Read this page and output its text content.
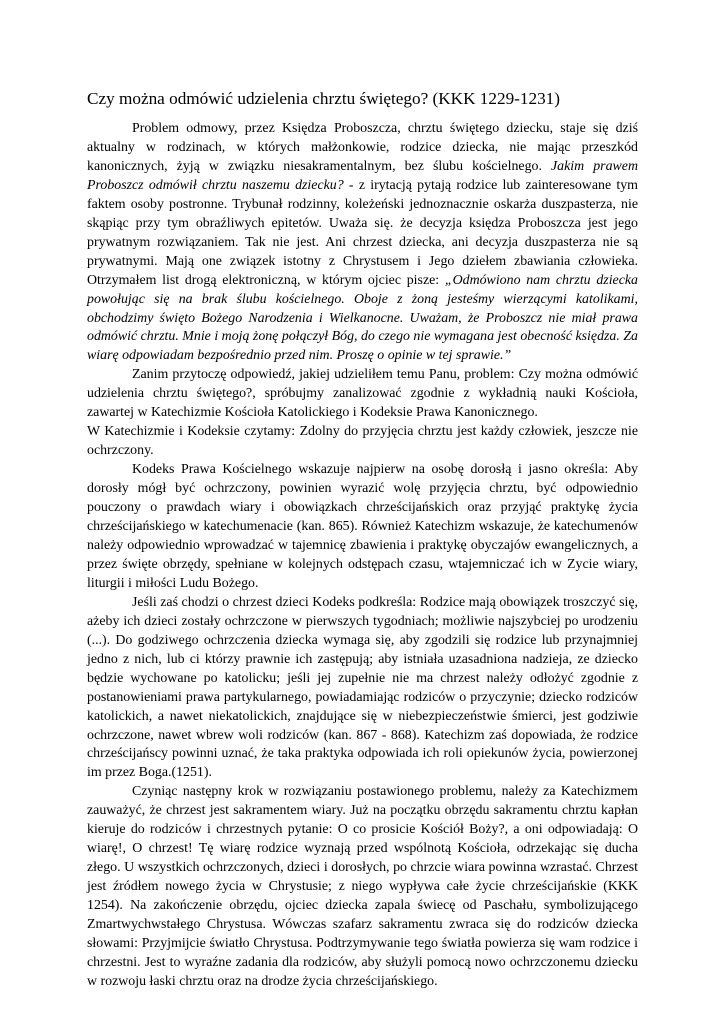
Czy można odmówić udzielenia chrztu świętego? (KKK 1229-1231)

Problem odmowy, przez Księdza Proboszcza, chrztu świętego dziecku, staje się dziś aktualny w rodzinach, w których małżonkowie, rodzice dziecka, nie mając przeszkód kanonicznych, żyją w związku niesakramentalnym, bez ślubu kościelnego. Jakim prawem Proboszcz odmówił chrztu naszemu dziecku? - z irytacją pytają rodzice lub zainteresowane tym faktem osoby postronne. Trybunał rodzinny, koleżeński jednoznacznie oskarża duszpasterza, nie skąpiąc przy tym obraźliwych epitetów. Uważa się. że decyzja księdza Proboszcza jest jego prywatnym rozwiązaniem. Tak nie jest. Ani chrzest dziecka, ani decyzja duszpasterza nie są prywatnymi. Mają one związek istotny z Chrystusem i Jego dziełem zbawiania człowieka. Otrzymałem list drogą elektroniczną, w którym ojciec pisze: „Odmówiono nam chrztu dziecka powołując się na brak ślubu kościelnego. Oboje z żoną jesteśmy wierzącymi katolikami, obchodzimy święto Bożego Narodzenia i Wielkanocne. Uważam, że Proboszcz nie miał prawa odmówić chrztu. Mnie i moją żonę połączył Bóg, do czego nie wymagana jest obecność księdza. Za wiarę odpowiadam bezpośrednio przed nim. Proszę o opinie w tej sprawie.”

Zanim przytoczę odpowiedź, jakiej udzieliłem temu Panu, problem: Czy można odmówić udzielenia chrztu świętego?, spróbujmy zanalizować zgodnie z wykładnią nauki Kościoła, zawartej w Katechizmie Kościoła Katolickiego i Kodeksie Prawa Kanonicznego.

W Katechizmie i Kodeksie czytamy: Zdolny do przyjęcia chrztu jest każdy człowiek, jeszcze nie ochrzczony.

Kodeks Prawa Kościelnego wskazuje najpierw na osobę dorosłą i jasno określa: Aby dorosły mógł być ochrzczony, powinien wyrazić wolę przyjęcia chrztu, być odpowiednio pouczony o prawdach wiary i obowiązkach chrześcijańskich oraz przyjąć praktykę życia chrześcijańskiego w katechumenacie (kan. 865). Również Katechizm wskazuje, że katechumenów należy odpowiednio wprowadzać w tajemnicę zbawienia i praktykę obyczajów ewangelicznych, a przez święte obrzędy, spełniane w kolejnych odstępach czasu, wtajemniczać ich w Zycie wiary, liturgii i miłości Ludu Bożego.

Jeśli zaś chodzi o chrzest dzieci Kodeks podkreśla: Rodzice mają obowiązek troszczyć się, ażeby ich dzieci zostały ochrzczone w pierwszych tygodniach; możliwie najszybciej po urodzeniu (...). Do godziwego ochrzczenia dziecka wymaga się, aby zgodzili się rodzice lub przynajmniej jedno z nich, lub ci którzy prawnie ich zastępują; aby istniała uzasadniona nadzieja, ze dziecko będzie wychowane po katolicku; jeśli jej zupełnie nie ma chrzest należy odłożyć zgodnie z postanowieniami prawa partykularnego, powiadamiając rodziców o przyczynie; dziecko rodziców katolickich, a nawet niekatolickich, znajdujące się w niebezpieczeństwie śmierci, jest godziwie ochrzczone, nawet wbrew woli rodziców (kan. 867 - 868). Katechizm zaś dopowiada, że rodzice chrześcijańscy powinni uznać, że taka praktyka odpowiada ich roli opiekunów życia, powierzonej im przez Boga.(1251).

Czyniąc następny krok w rozwiązaniu postawionego problemu, należy za Katechizmem zauważyć, że chrzest jest sakramentem wiary. Już na początku obrzędu sakramentu chrztu kapłan kieruje do rodziców i chrzestnych pytanie: O co prosicie Kościół Boży?, a oni odpowiadają: O wiarę!, O chrzest! Tę wiarę rodzice wyznają przed wspólnotą Kościoła, odrzekając się ducha złego. U wszystkich ochrzczonych, dzieci i dorosłych, po chrzcie wiara powinna wzrastać. Chrzest jest źródłem nowego życia w Chrystusie; z niego wypływa całe życie chrześcijańskie (KKK 1254). Na zakończenie obrzędu, ojciec dziecka zapala świecę od Paschału, symbolizującego Zmartwychwstałego Chrystusa. Wówczas szafarz sakramentu zwraca się do rodziców dziecka słowami: Przyjmijcie światło Chrystusa. Podtrzymywanie tego światła powierza się wam rodzice i chrzestni. Jest to wyraźne zadania dla rodziców, aby służyli pomocą nowo ochrzczonemu dziecku w rozwoju łaski chrztu oraz na drodze życia chrześcijańskiego.
